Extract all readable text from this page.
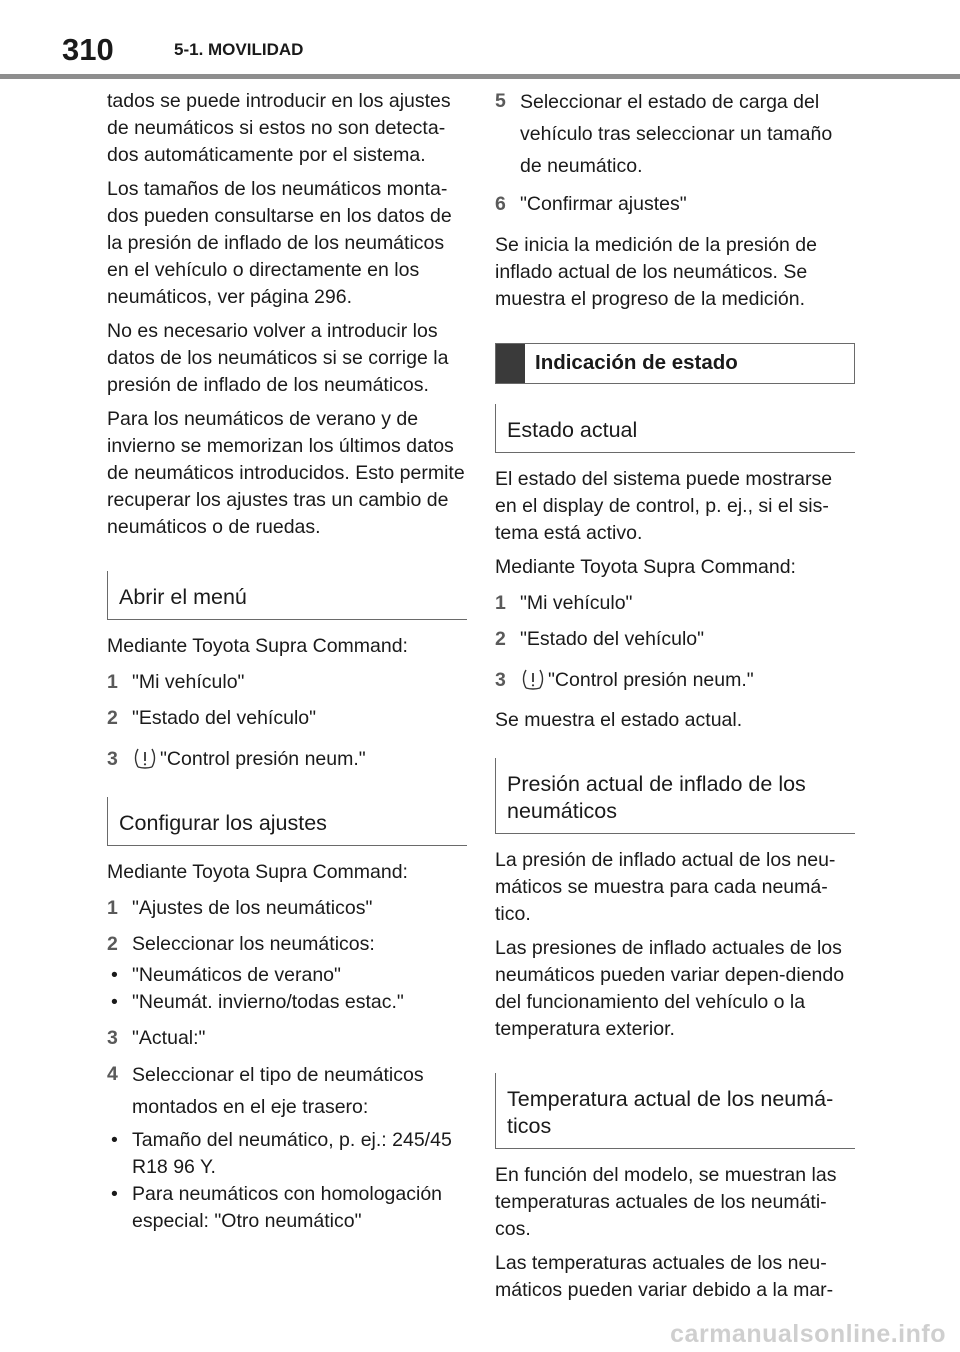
310	5-1. MOVILIDAD

tados se puede introducir en los ajustes de neumáticos si estos no son detecta-dos automáticamente por el sistema.

Los tamaños de los neumáticos monta-dos pueden consultarse en los datos de la presión de inflado de los neumáticos en el vehículo o directamente en los neumáticos, ver página 296.

No es necesario volver a introducir los datos de los neumáticos si se corrige la presión de inflado de los neumáticos.

Para los neumáticos de verano y de invierno se memorizan los últimos datos de neumáticos introducidos. Esto permite recuperar los ajustes tras un cambio de neumáticos o de ruedas.

Abrir el menú

Mediante Toyota Supra Command:

1 "Mi vehículo"
2 "Estado del vehículo"
3	"Control presión neum."
Configurar los ajustes

Mediante Toyota Supra Command:

1 "Ajustes de los neumáticos"
2 Seleccionar los neumáticos:
• "Neumáticos de verano"
• "Neumát. invierno/todas estac."
3 "Actual:"
4 Seleccionar el tipo de neumáticos montados en el eje trasero:
• Tamaño del neumático, p. ej.: 245/45 R18 96 Y.
• Para neumáticos con homologación especial: "Otro neumático"
5 Seleccionar el estado de carga del vehículo tras seleccionar un tamaño de neumático.
6 "Confirmar ajustes"

Se inicia la medición de la presión de inflado actual de los neumáticos. Se muestra el progreso de la medición.

Indicación de estado
Estado actual

El estado del sistema puede mostrarse en el display de control, p. ej., si el sis-tema está activo.

Mediante Toyota Supra Command:

1 "Mi vehículo"
2 "Estado del vehículo"
3	"Control presión neum."

Se muestra el estado actual.

Presión actual de inflado de los neumáticos

La presión de inflado actual de los neu-máticos se muestra para cada neumá-tico.

Las presiones de inflado actuales de los neumáticos pueden variar depen-diendo del funcionamiento del vehículo o la temperatura exterior.

Temperatura actual de los neumá-ticos

En función del modelo, se muestran las temperaturas actuales de los neumáti-cos.

Las temperaturas actuales de los neu-máticos pueden variar debido a la mar-

carmanualsonline.info
